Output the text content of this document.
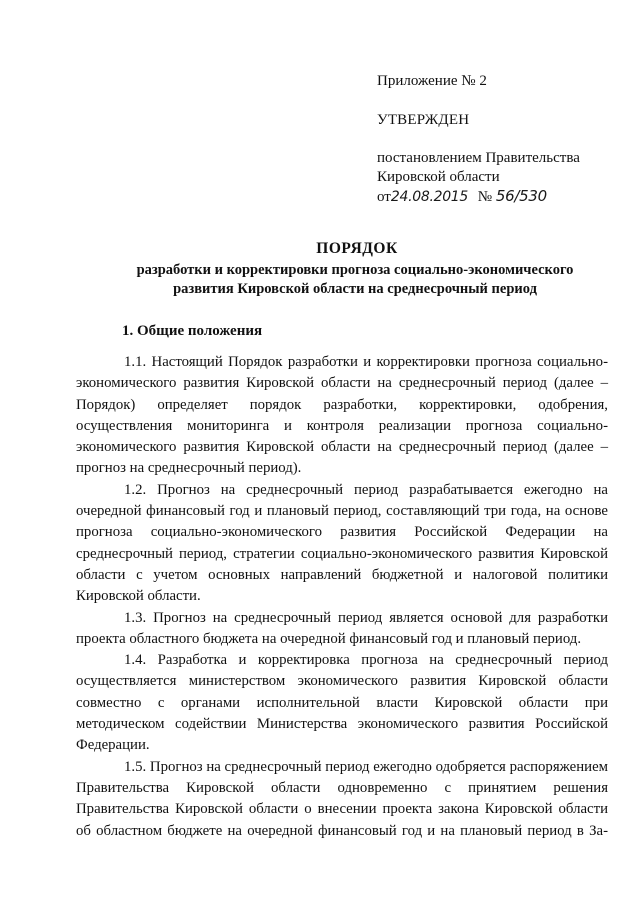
Приложение № 2
УТВЕРЖДЕН
постановлением Правительства
Кировской области
от24.08.2015 № 56/530
ПОРЯДОК
разработки и корректировки прогноза социально-экономического
развития Кировской области на среднесрочный период
1. Общие положения

1.1. Настоящий Порядок разработки и корректировки прогноза социально-экономического развития Кировской области на среднесрочный период (далее – Порядок) определяет порядок разработки, корректировки, одобрения, осуществления мониторинга и контроля реализации прогноза социально-экономического развития Кировской области на среднесрочный период (далее – прогноз на среднесрочный период).

1.2. Прогноз на среднесрочный период разрабатывается ежегодно на очередной финансовый год и плановый период, составляющий три года, на основе прогноза социально-экономического развития Российской Федерации на среднесрочный период, стратегии социально-экономического развития Кировской области с учетом основных направлений бюджетной и налоговой политики Кировской области.

1.3. Прогноз на среднесрочный период является основой для разработки проекта областного бюджета на очередной финансовый год и плановый период.

1.4. Разработка и корректировка прогноза на среднесрочный период осуществляется министерством экономического развития Кировской области совместно с органами исполнительной власти Кировской области при методическом содействии Министерства экономического развития Российской Федерации.

1.5. Прогноз на среднесрочный период ежегодно одобряется распоряжением Правительства Кировской области одновременно с принятием решения Правительства Кировской области о внесении проекта закона Кировской области об областном бюджете на очередной финансовый год и на плановый период в За-
